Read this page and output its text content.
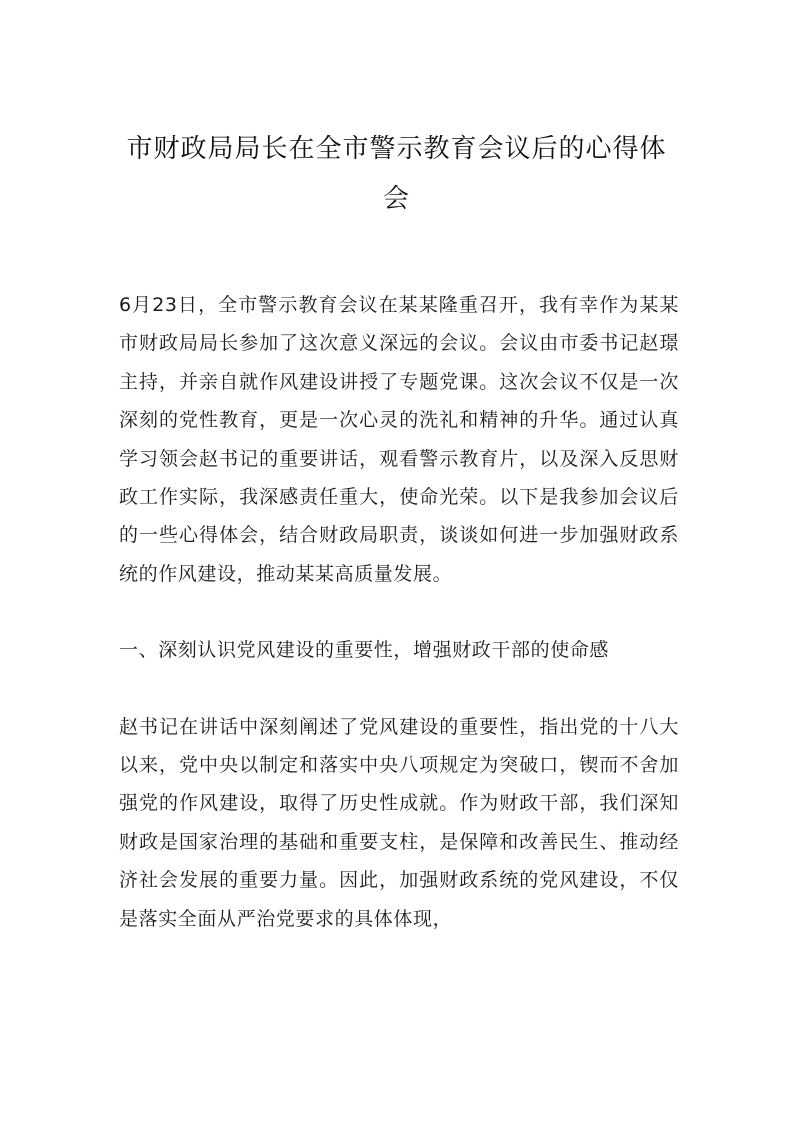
市财政局局长在全市警示教育会议后的心得体会

6月23日，全市警示教育会议在某某隆重召开，我有幸作为某某市财政局局长参加了这次意义深远的会议。会议由市委书记赵璟主持，并亲自就作风建设讲授了专题党课。这次会议不仅是一次深刻的党性教育，更是一次心灵的洗礼和精神的升华。通过认真学习领会赵书记的重要讲话，观看警示教育片，以及深入反思财政工作实际，我深感责任重大，使命光荣。以下是我参加会议后的一些心得体会，结合财政局职责，谈谈如何进一步加强财政系统的作风建设，推动某某高质量发展。

一、深刻认识党风建设的重要性，增强财政干部的使命感

赵书记在讲话中深刻阐述了党风建设的重要性，指出党的十八大以来，党中央以制定和落实中央八项规定为突破口，锲而不舍加强党的作风建设，取得了历史性成就。作为财政干部，我们深知财政是国家治理的基础和重要支柱，是保障和改善民生、推动经济社会发展的重要力量。因此，加强财政系统的党风建设，不仅是落实全面从严治党要求的具体体现，
